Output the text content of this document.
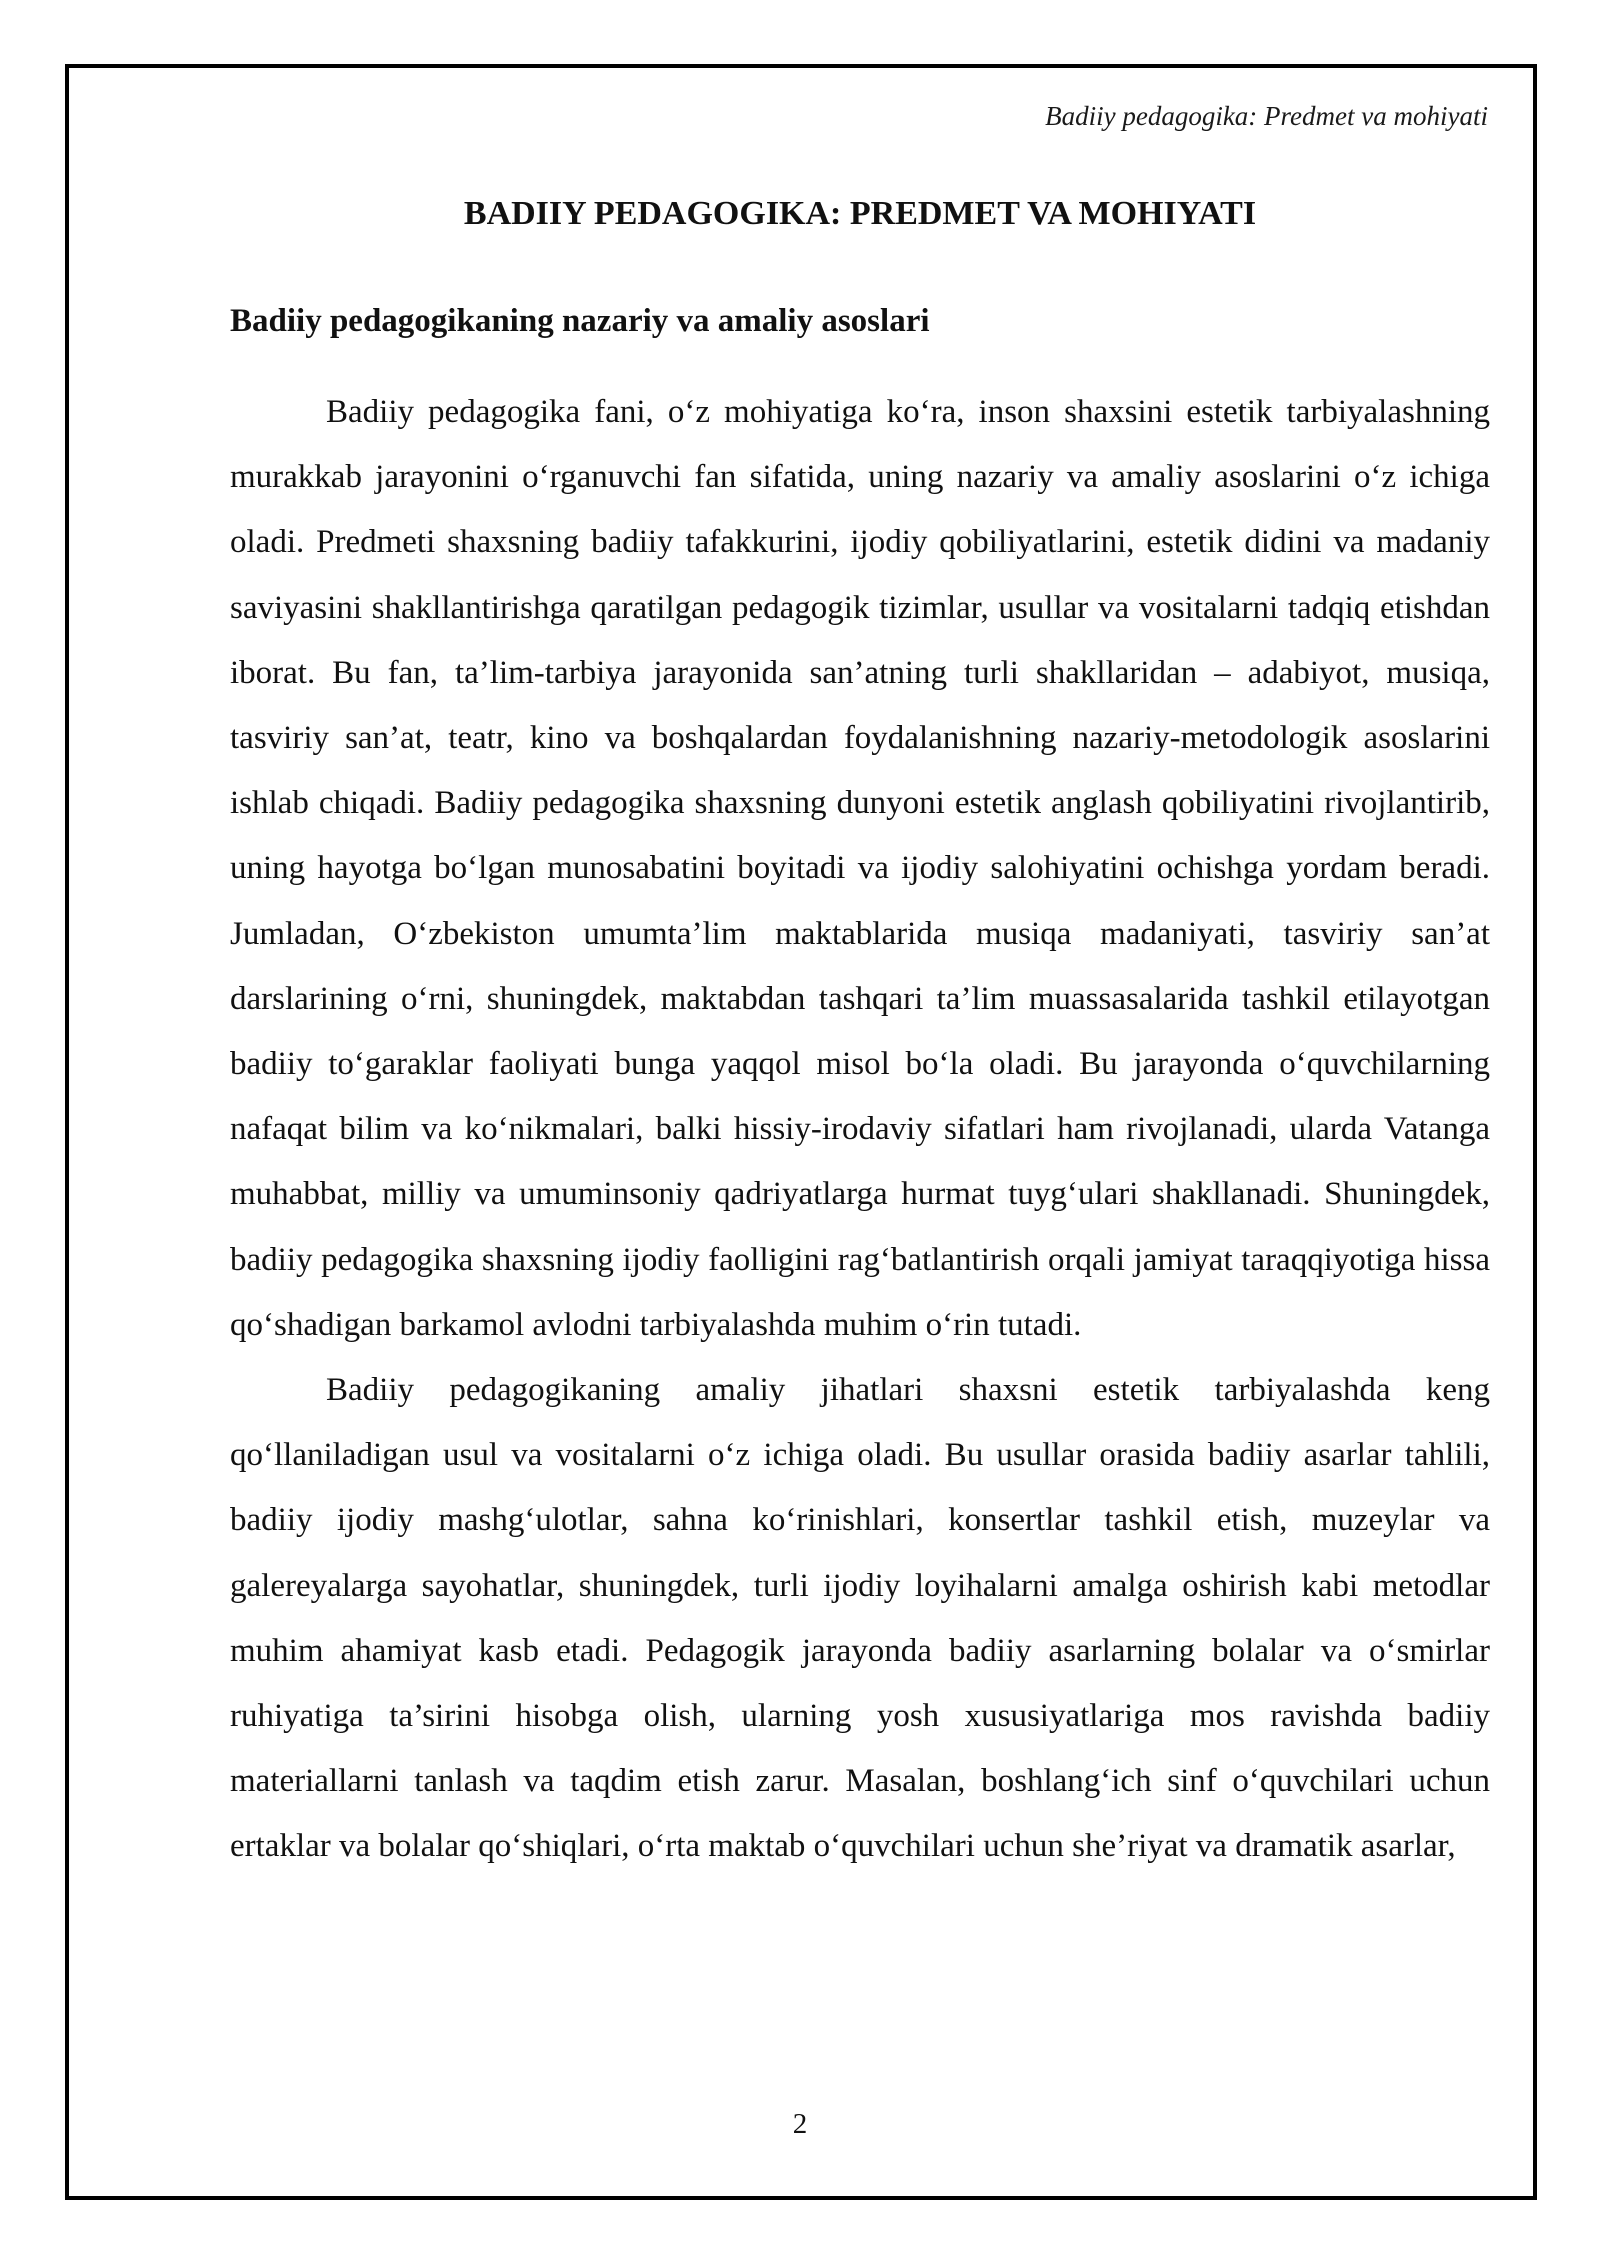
Badiiy pedagogika: Predmet va mohiyati
BADIIY PEDAGOGIKA: PREDMET VA MOHIYATI
Badiiy pedagogikaning nazariy va amaliy asoslari

Badiiy pedagogika fani, o‘z mohiyatiga ko‘ra, inson shaxsini estetik tarbiyalashning murakkab jarayonini o‘rganuvchi fan sifatida, uning nazariy va amaliy asoslarini o‘z ichiga oladi. Predmeti shaxsning badiiy tafakkurini, ijodiy qobiliyatlarini, estetik didini va madaniy saviyasini shakllantirishga qaratilgan pedagogik tizimlar, usullar va vositalarni tadqiq etishdan iborat. Bu fan, ta’lim-tarbiya jarayonida san’atning turli shakllaridan – adabiyot, musiqa, tasviriy san’at, teatr, kino va boshqalardan foydalanishning nazariy-metodologik asoslarini ishlab chiqadi. Badiiy pedagogika shaxsning dunyoni estetik anglash qobiliyatini rivojlantirib, uning hayotga bo‘lgan munosabatini boyitadi va ijodiy salohiyatini ochishga yordam beradi. Jumladan, O‘zbekiston umumta’lim maktablarida musiqa madaniyati, tasviriy san’at darslarining o‘rni, shuningdek, maktabdan tashqari ta’lim muassasalarida tashkil etilayotgan badiiy to‘garaklar faoliyati bunga yaqqol misol bo‘la oladi. Bu jarayonda o‘quvchilarning nafaqat bilim va ko‘nikmalari, balki hissiy-irodaviy sifatlari ham rivojlanadi, ularda Vatanga muhabbat, milliy va umuminsoniy qadriyatlarga hurmat tuyg‘ulari shakllanadi. Shuningdek, badiiy pedagogika shaxsning ijodiy faolligini rag‘batlantirish orqali jamiyat taraqqiyotiga hissa qo‘shadigan barkamol avlodni tarbiyalashda muhim o‘rin tutadi.

Badiiy pedagogikaning amaliy jihatlari shaxsni estetik tarbiyalashda keng qo‘llaniladigan usul va vositalarni o‘z ichiga oladi. Bu usullar orasida badiiy asarlar tahlili, badiiy ijodiy mashg‘ulotlar, sahna ko‘rinishlari, konsertlar tashkil etish, muzeylar va galereyalarga sayohatlar, shuningdek, turli ijodiy loyihalarni amalga oshirish kabi metodlar muhim ahamiyat kasb etadi. Pedagogik jarayonda badiiy asarlarning bolalar va o‘smirlar ruhiyatiga ta’sirini hisobga olish, ularning yosh xususiyatlariga mos ravishda badiiy materiallarni tanlash va taqdim etish zarur. Masalan, boshlang‘ich sinf o‘quvchilari uchun ertaklar va bolalar qo‘shiqlari, o‘rta maktab o‘quvchilari uchun she’riyat va dramatik asarlar,

2
